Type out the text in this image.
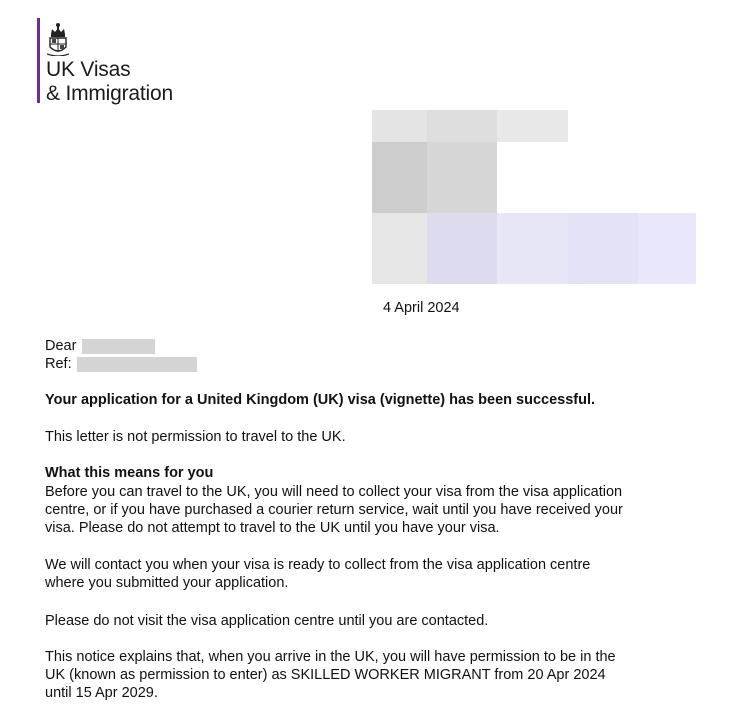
UK Visas
& Immigration
4 April 2024
Dear
Ref:
Your application for a United Kingdom (UK) visa (vignette) has been successful.
This letter is not permission to travel to the UK.
What this means for you
Before you can travel to the UK, you will need to collect your visa from the visa application
centre, or if you have purchased a courier return service, wait until you have received your
visa. Please do not attempt to travel to the UK until you have your visa.
We will contact you when your visa is ready to collect from the visa application centre
where you submitted your application.
Please do not visit the visa application centre until you are contacted.
This notice explains that, when you arrive in the UK, you will have permission to be in the
UK (known as permission to enter) as SKILLED WORKER MIGRANT from 20 Apr 2024
until 15 Apr 2029.
